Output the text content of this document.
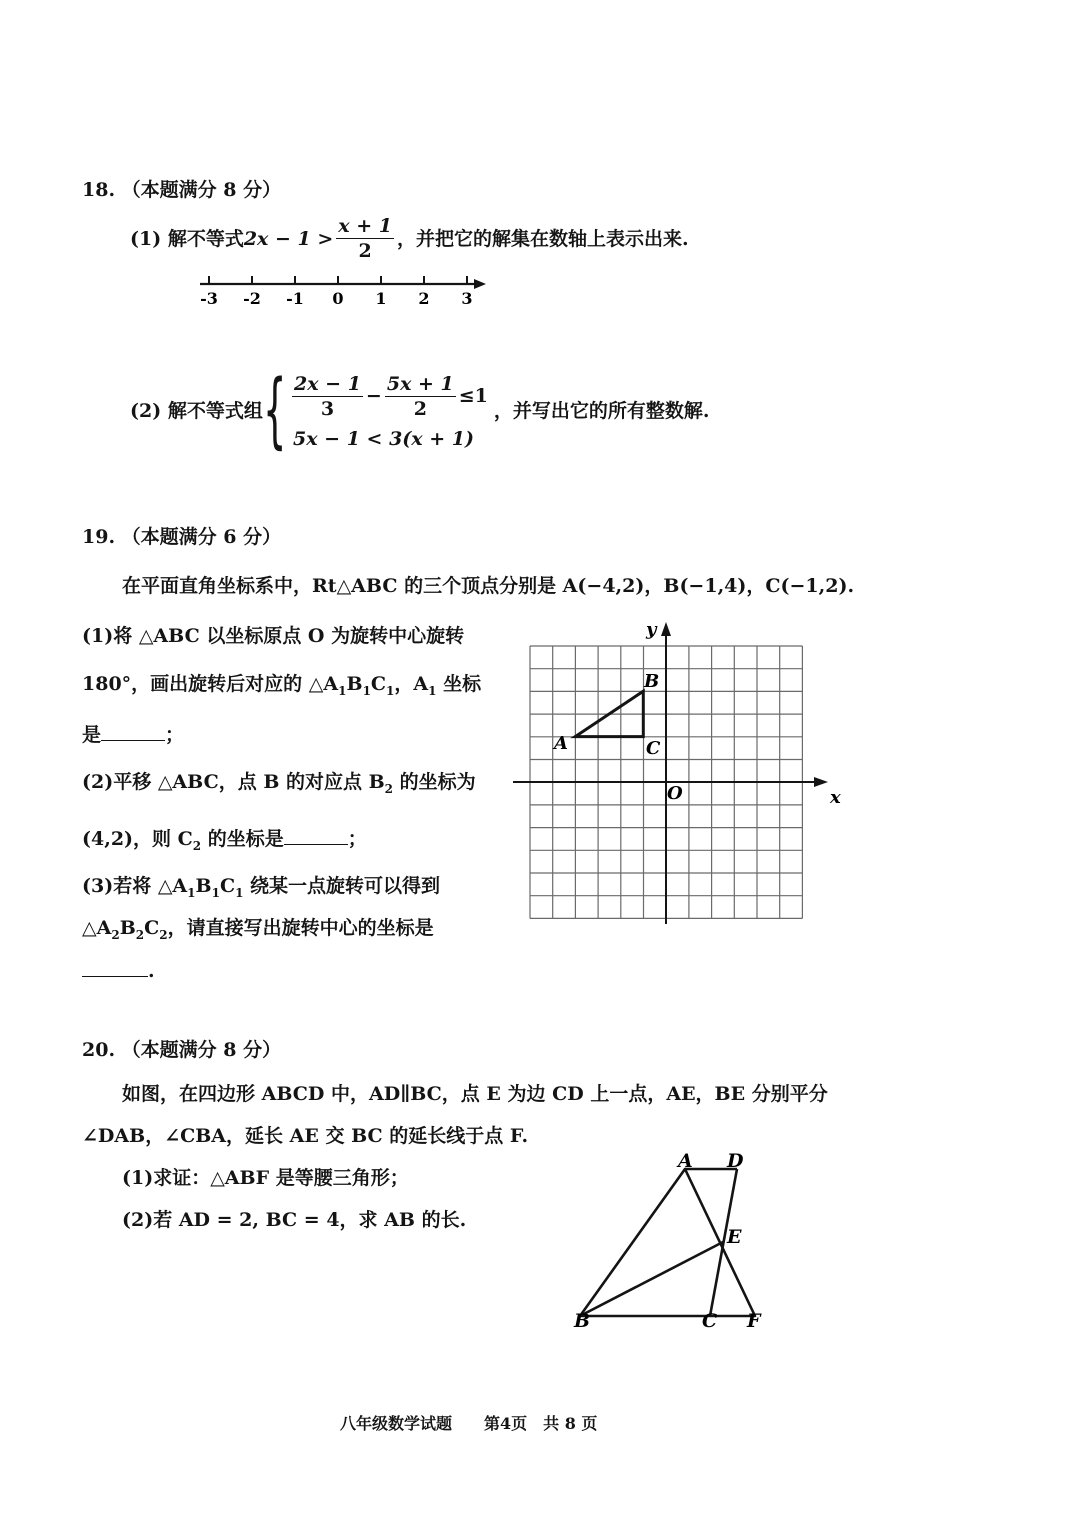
18. （本题满分 8 分）
(1) 解不等式 $2x - 1 > \frac{x + 1}{2}$ ，并把它的解集在数轴上表示出来.
-3 -2 -1 0 1 2 3
(2) 解不等式组 { $\frac{2x - 1}{3} - \frac{5x + 1}{2} \le 1$
5x − 1 < 3(x + 1)
，并写出它的所有整数解.
19. （本题满分 6 分）
在平面直角坐标系中，Rt△ABC 的三个顶点分别是 A(−4,2)，B(−1,4)，C(−1,2).
(1)将 △ABC 以坐标原点 O 为旋转中心旋转
180°，画出旋转后对应的 $\triangle A_1B_1C_1$，$A_1$ 坐标
是	；
(2)平移 △ABC，点 B 的对应点 $B_2$ 的坐标为
(4,2)，则 $C_2$ 的坐标是	；
(3)若将 $\triangle A_1B_1C_1$ 绕某一点旋转可以得到
$\triangle A_2B_2C_2$，请直接写出旋转中心的坐标是
.
y
x
O
A
B
C
20. （本题满分 8 分）
如图，在四边形 ABCD 中，AD∥BC，点 E 为边 CD 上一点，AE，BE 分别平分
∠DAB，∠CBA，延长 AE 交 BC 的延长线于点 F.
(1)求证：△ABF 是等腰三角形；
(2)若 AD = 2, BC = 4，求 AB 的长.
A D
E
B	C F
八年级数学试题　　第4页　共 8 页
